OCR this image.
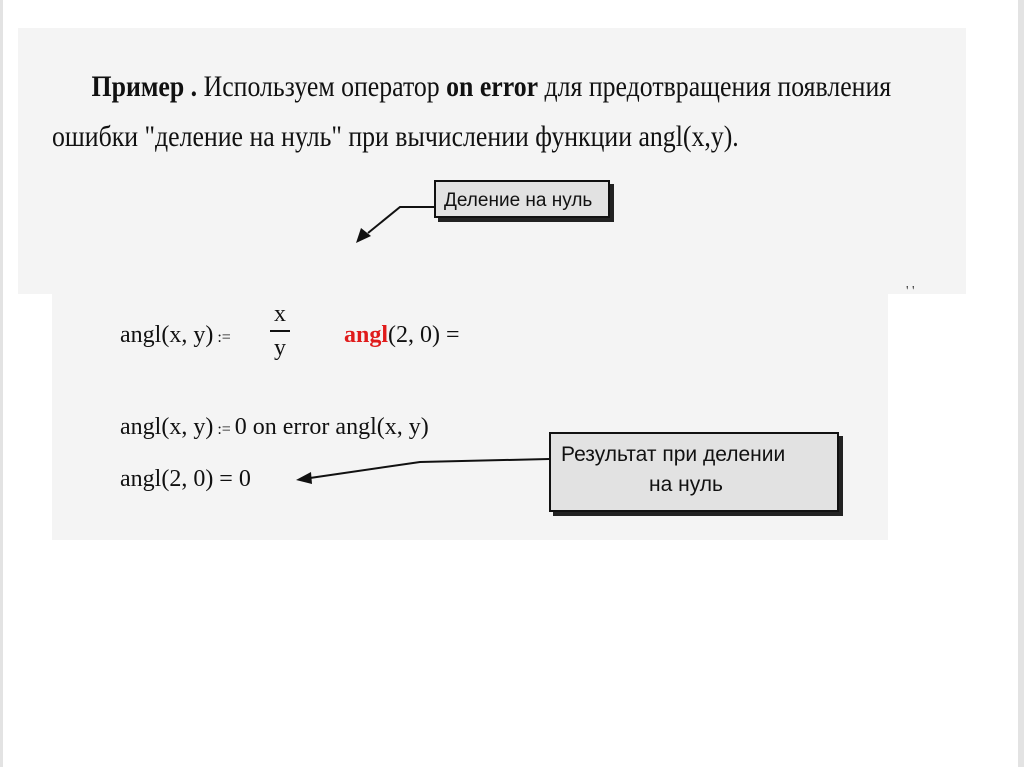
Пример . Используем оператор on error для предотвращения появления
ошибки "деление на нуль" при вычислении функции angl(x,y).
Деление на нуль
Результат при делении
на нуль
angl(x, y) :=
x
y angl(2, 0) =
angl(x, y) := 0 on error angl(x, y)
angl(2, 0) = 0
' '
